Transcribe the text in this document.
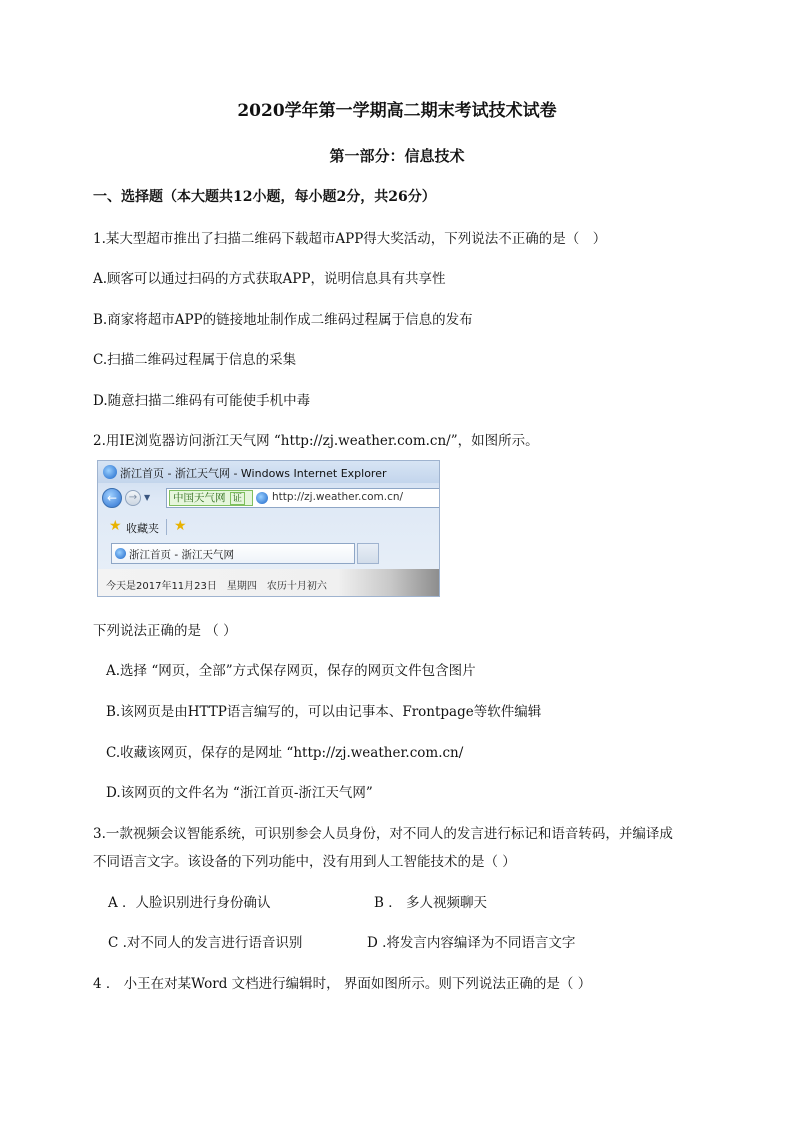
2020学年第一学期高二期末考试技术试卷
第一部分：信息技术
一、选择题（本大题共12小题，每小题2分，共26分）
1.某大型超市推出了扫描二维码下载超市APP得大奖活动，下列说法不正确的是（　）
A.顾客可以通过扫码的方式获取APP，说明信息具有共享性
B.商家将超市APP的链接地址制作成二维码过程属于信息的发布
C.扫描二维码过程属于信息的采集
D.随意扫描二维码有可能使手机中毒
2.用IE浏览器访问浙江天气网 “http://zj.weather.com.cn/”，如图所示。
浙江首页 - 浙江天气网 - Windows Internet Explorer
←	→ ▼	中国天气网 证	http://zj.weather.com.cn/
★ 收藏夹 ★
浙江首页 - 浙江天气网
今天是2017年11月23日　星期四　农历十月初六
下列说法正确的是 （ ）
A.选择 “网页，全部”方式保存网页，保存的网页文件包含图片
B.该网页是由HTTP语言编写的，可以由记事本、Frontpage等软件编辑
C.收藏该网页，保存的是网址 “http://zj.weather.com.cn/
D.该网页的文件名为 “浙江首页-浙江天气网”
3.一款视频会议智能系统，可识别参会人员身份，对不同人的发言进行标记和语音转码，并编译成
不同语言文字。该设备的下列功能中，没有用到人工智能技术的是（ ）
A ．人脸识别进行身份确认	B ． 多人视频聊天
C .对不同人的发言进行语音识别	D .将发言内容编译为不同语言文字
4 ． 小王在对某Word 文档进行编辑时， 界面如图所示。则下列说法正确的是（ ）
